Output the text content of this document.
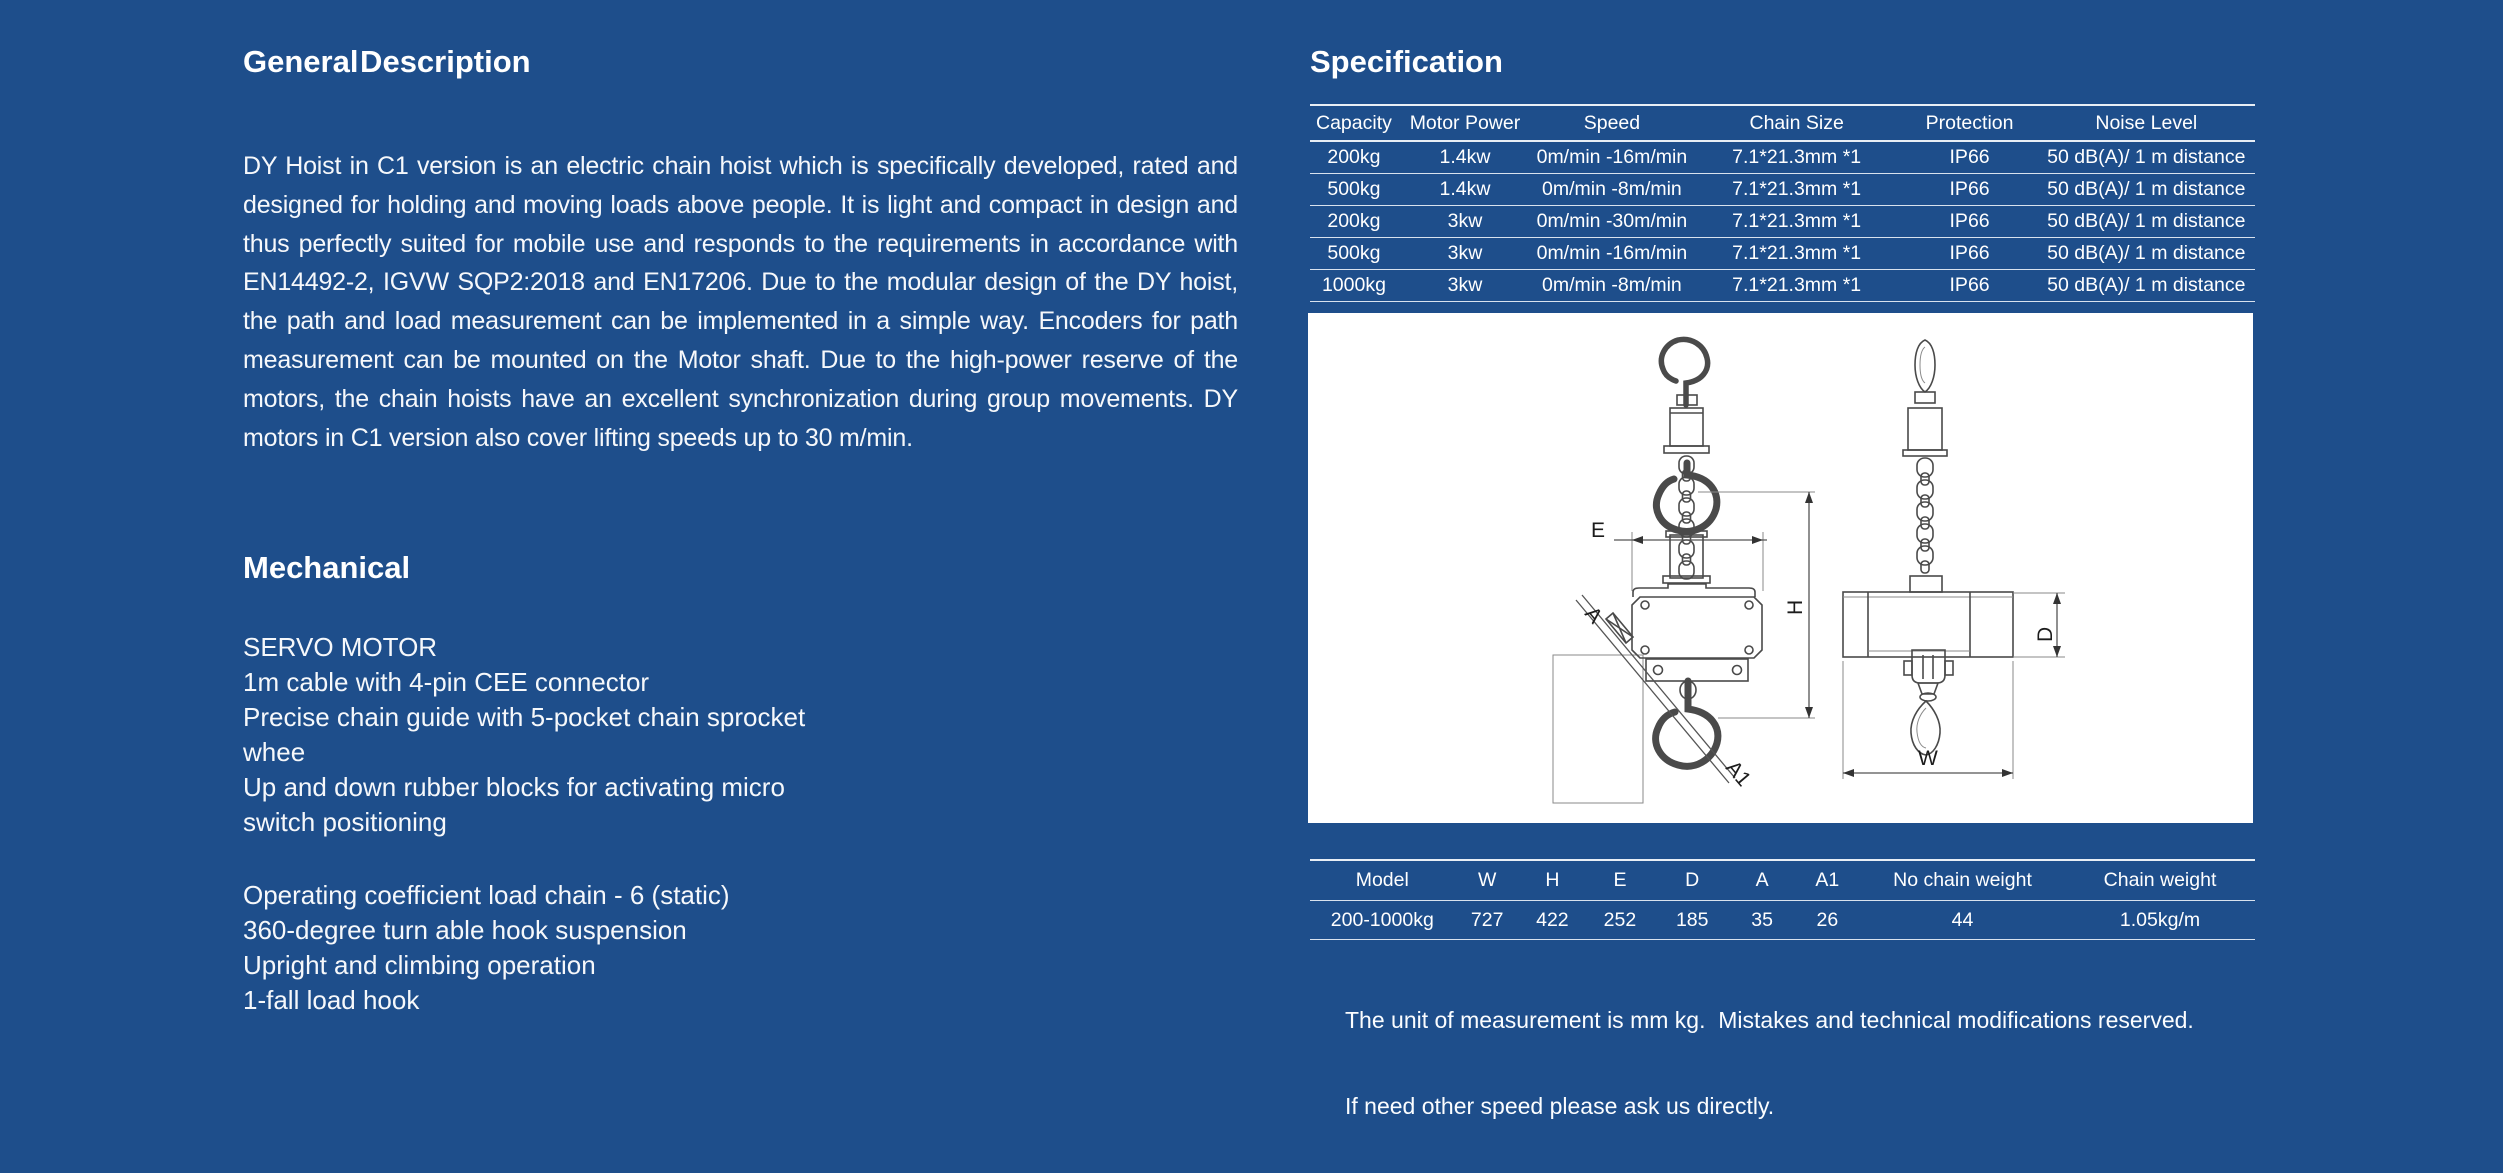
General Description

DY Hoist in C1 version is an electric chain hoist which is specifically developed, rated and designed for holding and moving loads above people. It is light and compact in design and thus perfectly suited for mobile use and responds to the requirements in accordance with EN14492-2, IGVW SQP2:2018 and EN17206. Due to the modular design of the DY hoist, the path and load measurement can be implemented in a simple way. Encoders for path measurement can be mounted on the Motor shaft. Due to the high-power reserve of the motors, the chain hoists have an excellent synchronization during group movements. DY motors in C1 version also cover lifting speeds up to 30 m/min.

Mechanical
SERVO MOTOR
1m cable with 4-pin CEE connector
Precise chain guide with 5-pocket chain sprocket
whee
Up and down rubber blocks for activating micro
switch positioning
Operating coefficient load chain - 6 (static)
360-degree turn able hook suspension
Upright and climbing operation
1-fall load hook
Specification
Capacity	Motor Power	Speed	Chain Size	Protection	Noise Level
200kg	1.4kw	0m/min -16m/min	7.1*21.3mm *1	IP66	50 dB(A)/ 1 m distance
500kg	1.4kw	0m/min -8m/min	7.1*21.3mm *1	IP66	50 dB(A)/ 1 m distance
200kg	3kw	0m/min -30m/min	7.1*21.3mm *1	IP66	50 dB(A)/ 1 m distance
500kg	3kw	0m/min -16m/min	7.1*21.3mm *1	IP66	50 dB(A)/ 1 m distance
1000kg	3kw	0m/min -8m/min	7.1*21.3mm *1	IP66	50 dB(A)/ 1 m distance
E
A
A1
H
D
W
Model	W	H	E	D	A	A1	No chain weight	Chain weight
200-1000kg	727	422	252	185	35	26	44	1.05kg/m

The unit of measurement is mm kg.  Mistakes and technical modifications reserved.

If need other speed please ask us directly.
